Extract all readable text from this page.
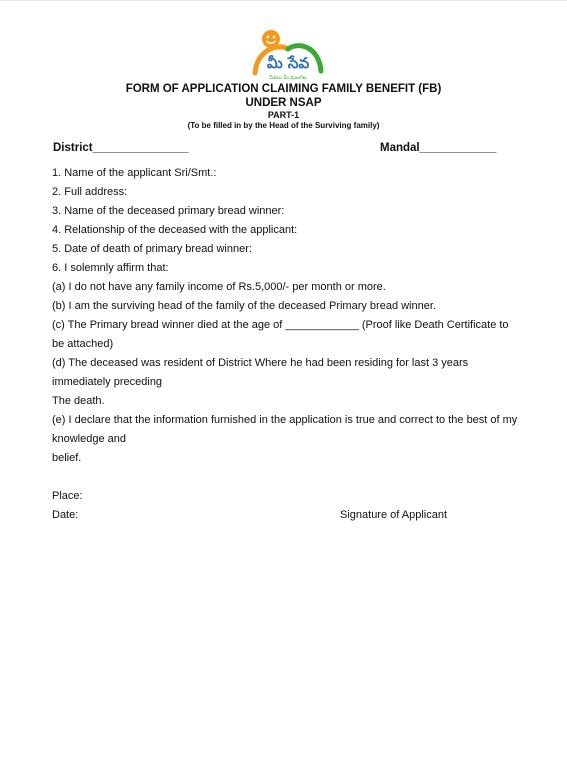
మీ సేవ
సేవలు మీ ముంగిట
FORM OF APPLICATION CLAIMING FAMILY BENEFIT (FB)
UNDER NSAP
PART-1
(To be filled in by the Head of the Surviving family)
District_______________	Mandal____________
1. Name of the applicant Sri/Smt.:
2. Full address:
3. Name of the deceased primary bread winner:
4. Relationship of the deceased with the applicant:
5. Date of death of primary bread winner:
6. I solemnly affirm that:
(a) I do not have any family income of Rs.5,000/- per month or more.
(b) I am the surviving head of the family of the deceased Primary bread winner.
(c) The Primary bread winner died at the age of ____________ (Proof like Death Certificate to
be attached)
(d) The deceased was resident of District Where he had been residing for last 3 years
immediately preceding
The death.
(e) I declare that the information furnished in the application is true and correct to the best of my
knowledge and
belief.
Place:
Date:	Signature of Applicant
